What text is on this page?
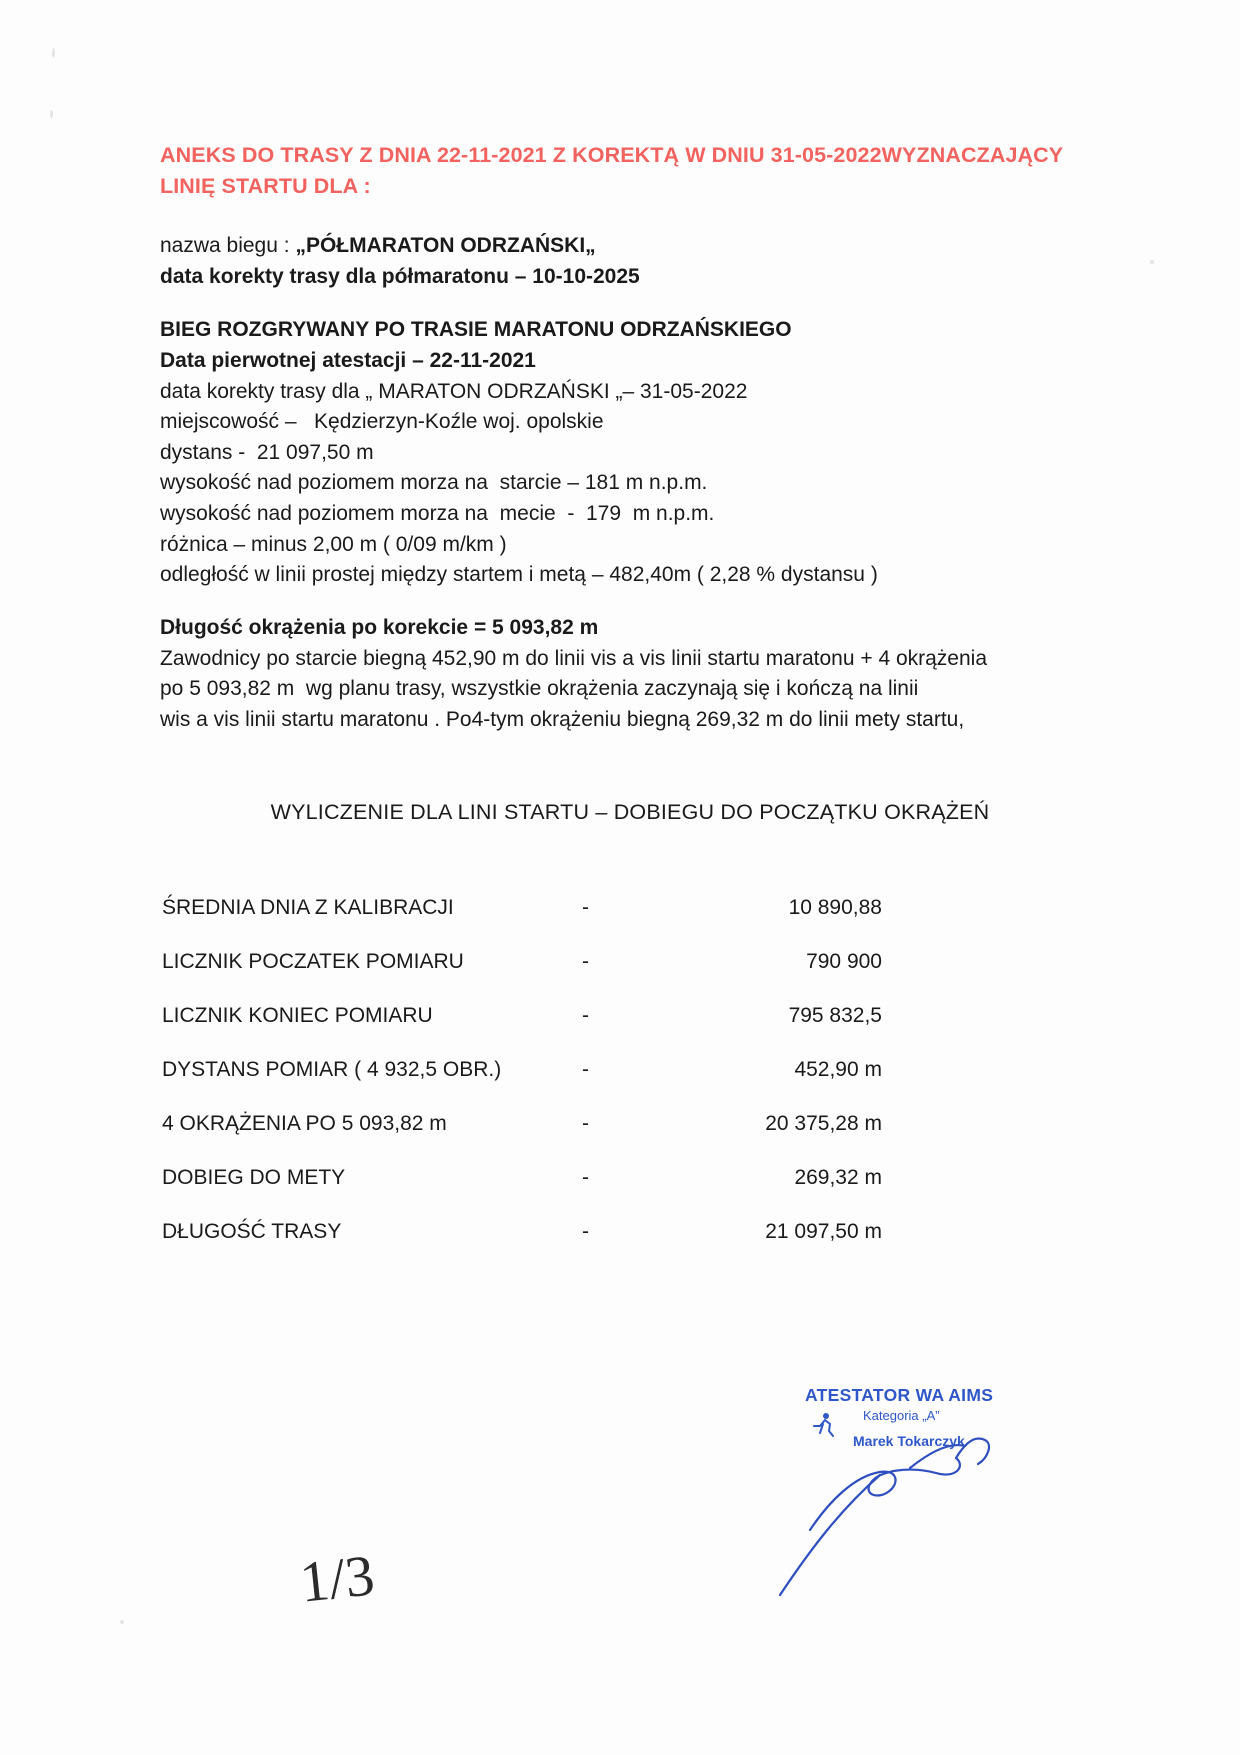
ANEKS DO TRASY Z DNIA 22-11-2021 Z KOREKTĄ W DNIU 31-05-2022WYZNACZAJĄCY LINIĘ STARTU DLA :

nazwa biegu : „PÓŁMARATON ODRZAŃSKI„

data korekty trasy dla półmaratonu – 10-10-2025

BIEG ROZGRYWANY PO TRASIE MARATONU ODRZAŃSKIEGO

Data pierwotnej atestacji – 22-11-2021

data korekty trasy dla „ MARATON ODRZAŃSKI „– 31-05-2022

miejscowość –   Kędzierzyn-Koźle woj. opolskie

dystans -  21 097,50 m

wysokość nad poziomem morza na  starcie – 181 m n.p.m.

wysokość nad poziomem morza na  mecie  -  179  m n.p.m.

różnica – minus 2,00 m ( 0/09 m/km )

odległość w linii prostej między startem i metą – 482,40m ( 2,28 % dystansu )

Długość okrążenia po korekcie = 5 093,82 m

Zawodnicy po starcie biegną 452,90 m do linii vis a vis linii startu maratonu + 4 okrążenia

po 5 093,82 m  wg planu trasy, wszystkie okrążenia zaczynają się i kończą na linii

wis a vis linii startu maratonu . Po4-tym okrążeniu biegną 269,32 m do linii mety startu,

WYLICZENIE DLA LINI STARTU – DOBIEGU DO POCZĄTKU OKRĄŻEŃ

ŚREDNIA DNIA Z KALIBRACJI	-	10 890,88
LICZNIK POCZATEK POMIARU	-	790 900
LICZNIK KONIEC POMIARU	-	795 832,5
DYSTANS POMIAR ( 4 932,5 OBR.)	-	452,90 m
4 OKRĄŻENIA PO 5 093,82 m	-	20 375,28 m
DOBIEG DO METY	-	269,32 m
DŁUGOŚĆ TRASY	-	21 097,50 m
ATESTATOR WA AIMS
Kategoria „A”
Marek Tokarczyk
1/3
